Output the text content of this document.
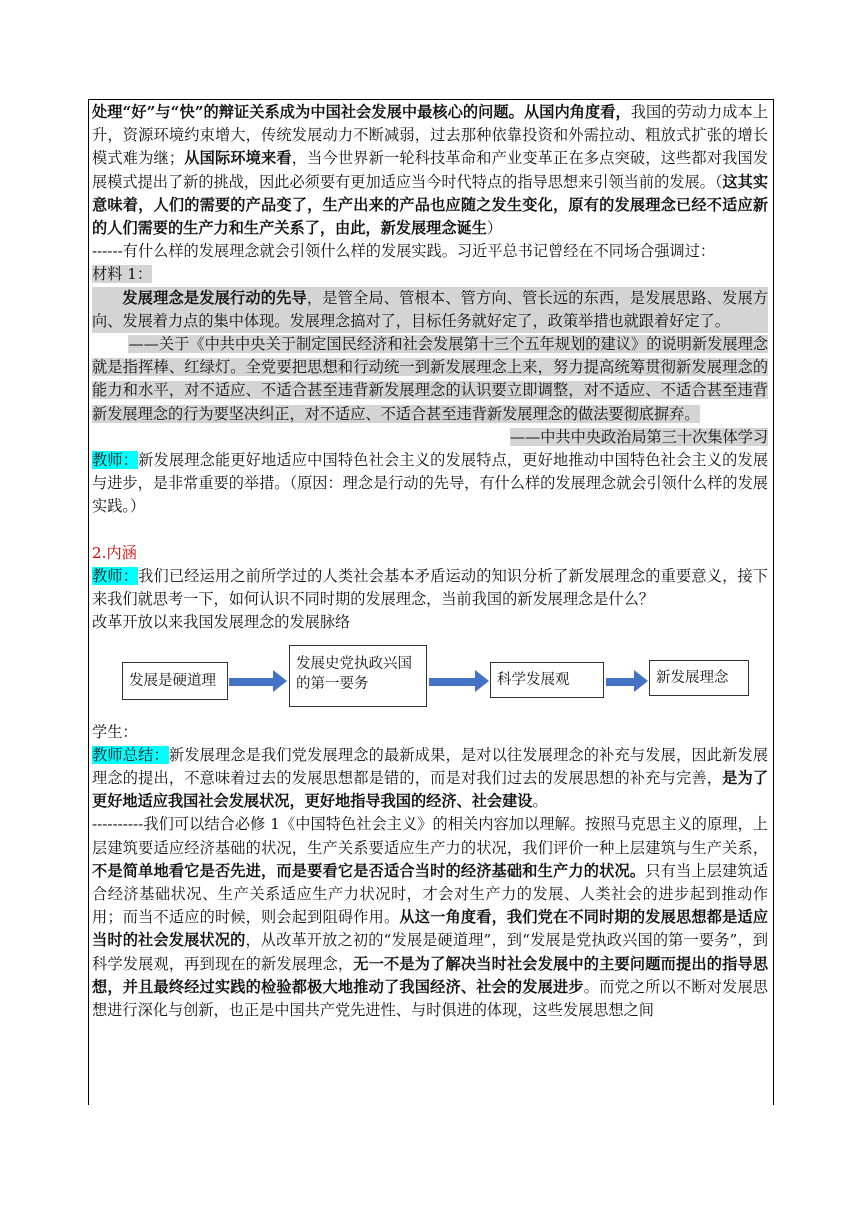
处理“好”与“快”的辩证关系成为中国社会发展中最核心的问题。从国内角度看，我国的劳动力成本上升，资源环境约束增大，传统发展动力不断减弱，过去那种依靠投资和外需拉动、粗放式扩张的增长模式难为继；从国际环境来看，当今世界新一轮科技革命和产业变革正在多点突破，这些都对我国发展模式提出了新的挑战，因此必须要有更加适应当今时代特点的指导思想来引领当前的发展。（这其实意味着，人们的需要的产品变了，生产出来的产品也应随之发生变化，原有的发展理念已经不适应新的人们需要的生产力和生产关系了，由此，新发展理念诞生）

------有什么样的发展理念就会引领什么样的发展实践。习近平总书记曾经在不同场合强调过：

材料 1：

发展理念是发展行动的先导，是管全局、管根本、管方向、管长远的东西，是发展思路、发展方向、发展着力点的集中体现。发展理念搞对了，目标任务就好定了，政策举措也就跟着好定了。

——关于《中共中央关于制定国民经济和社会发展第十三个五年规划的建议》的说明新发展理念就是指挥棒、红绿灯。全党要把思想和行动统一到新发展理念上来，努力提高统筹贯彻新发展理念的能力和水平，对不适应、不适合甚至违背新发展理念的认识要立即调整，对不适应、不适合甚至违背新发展理念的行为要坚决纠正，对不适应、不适合甚至违背新发展理念的做法要彻底摒弃。

——中共中央政治局第三十次集体学习

教师：新发展理念能更好地适应中国特色社会主义的发展特点，更好地推动中国特色社会主义的发展与进步，是非常重要的举措。（原因：理念是行动的先导，有什么样的发展理念就会引领什么样的发展实践。）

2.内涵

教师：我们已经运用之前所学过的人类社会基本矛盾运动的知识分析了新发展理念的重要意义，接下来我们就思考一下，如何认识不同时期的发展理念，当前我国的新发展理念是什么？

改革开放以来我国发展理念的发展脉络

发展是硬道理
发展史党执政兴国的第一要务	科学发展观	新发展理念

学生：

教师总结：新发展理念是我们党发展理念的最新成果，是对以往发展理念的补充与发展，因此新发展理念的提出，不意味着过去的发展思想都是错的，而是对我们过去的发展思想的补充与完善，是为了更好地适应我国社会发展状况，更好地指导我国的经济、社会建设。

----------我们可以结合必修 1《中国特色社会主义》的相关内容加以理解。按照马克思主义的原理，上层建筑要适应经济基础的状况，生产关系要适应生产力的状况，我们评价一种上层建筑与生产关系，不是简单地看它是否先进，而是要看它是否适合当时的经济基础和生产力的状况。只有当上层建筑适合经济基础状况、生产关系适应生产力状况时，才会对生产力的发展、人类社会的进步起到推动作用；而当不适应的时候，则会起到阻碍作用。从这一角度看，我们党在不同时期的发展思想都是适应当时的社会发展状况的，从改革开放之初的“发展是硬道理”，到“发展是党执政兴国的第一要务”，到科学发展观，再到现在的新发展理念，无一不是为了解决当时社会发展中的主要问题而提出的指导思想，并且最终经过实践的检验都极大地推动了我国经济、社会的发展进步。而党之所以不断对发展思想进行深化与创新，也正是中国共产党先进性、与时俱进的体现，这些发展思想之间
